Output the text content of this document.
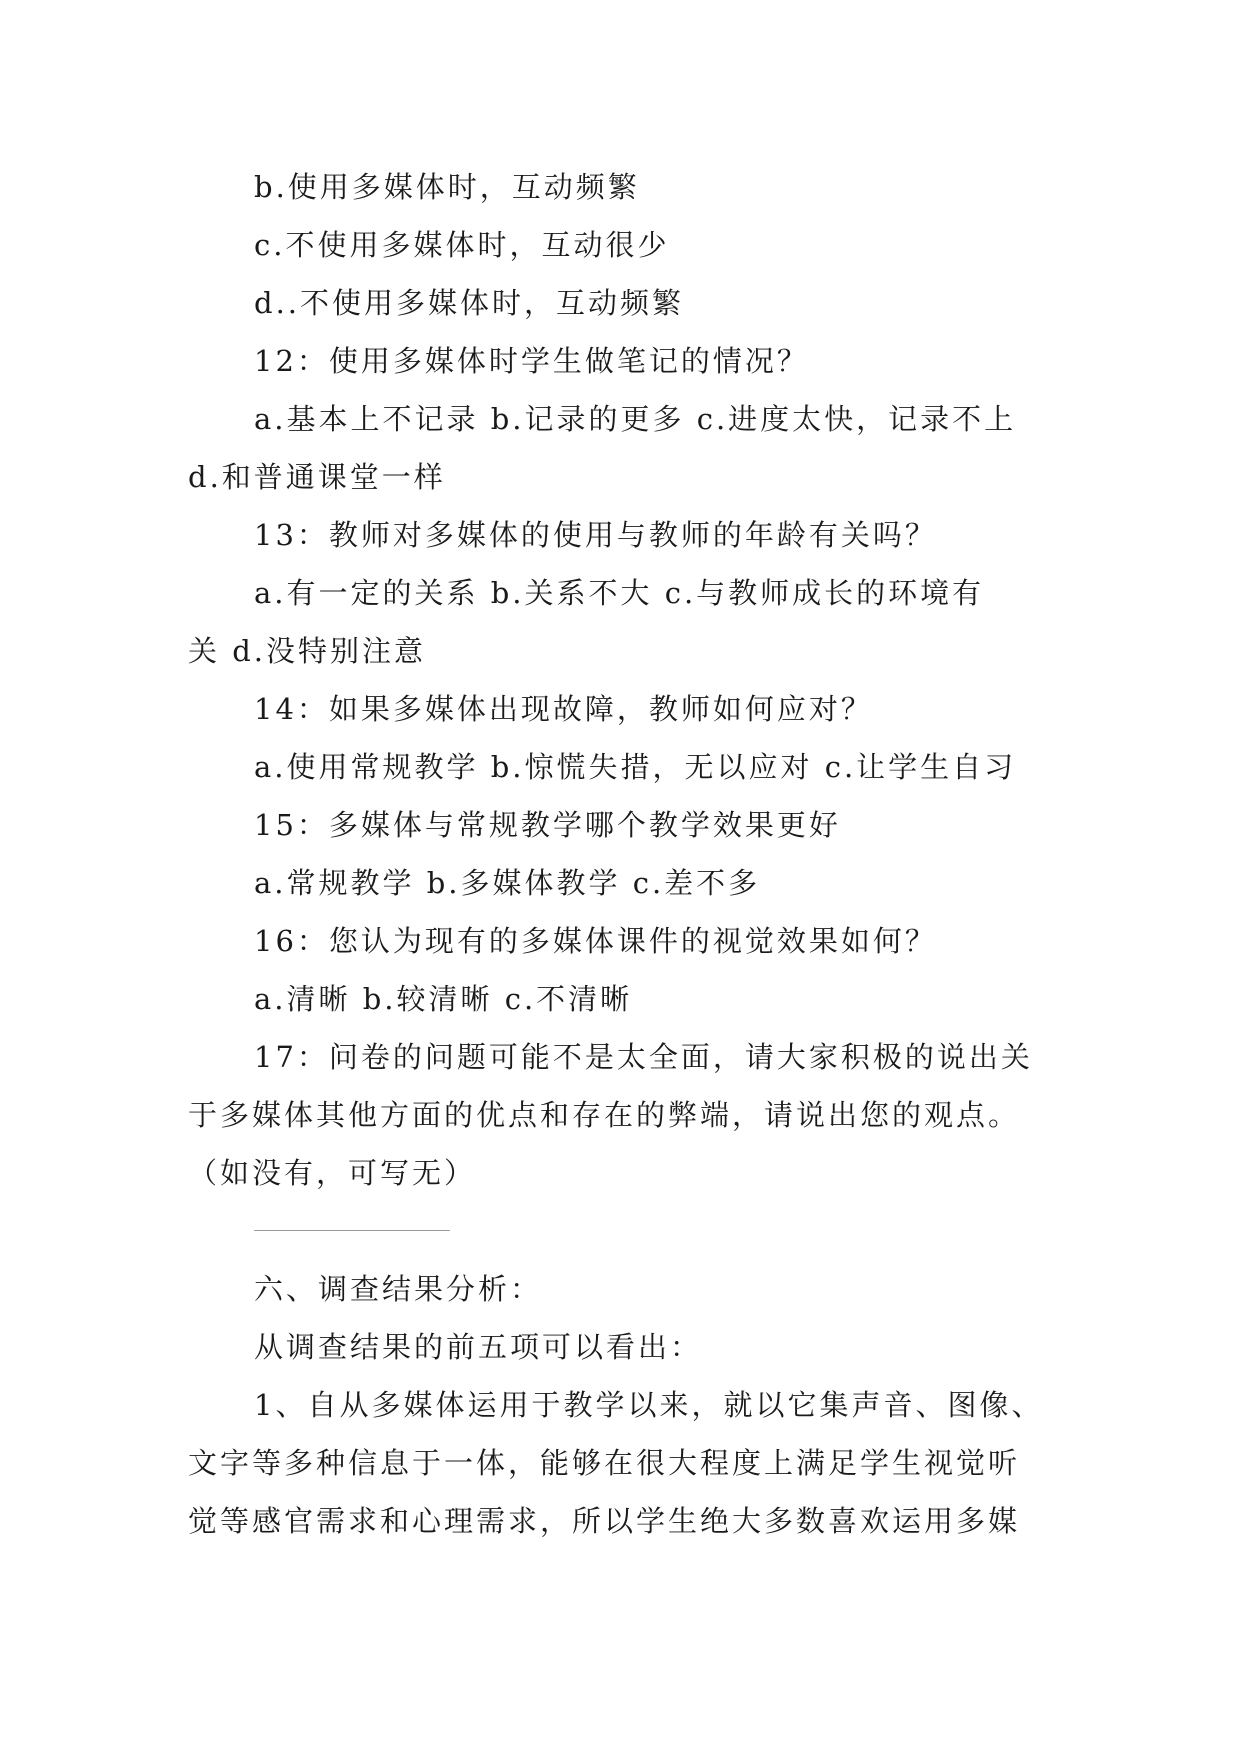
b.使用多媒体时，互动频繁
c.不使用多媒体时，互动很少
d..不使用多媒体时，互动频繁
12：使用多媒体时学生做笔记的情况？
a.基本上不记录 b.记录的更多 c.进度太快，记录不上
d.和普通课堂一样
13：教师对多媒体的使用与教师的年龄有关吗？
a.有一定的关系 b.关系不大 c.与教师成长的环境有
关 d.没特别注意
14：如果多媒体出现故障，教师如何应对？
a.使用常规教学 b.惊慌失措，无以应对 c.让学生自习
15：多媒体与常规教学哪个教学效果更好
a.常规教学 b.多媒体教学 c.差不多
16：您认为现有的多媒体课件的视觉效果如何？
a.清晰 b.较清晰 c.不清晰
17：问卷的问题可能不是太全面，请大家积极的说出关
于多媒体其他方面的优点和存在的弊端，请说出您的观点。
（如没有，可写无）
六、调查结果分析：
从调查结果的前五项可以看出：
1、自从多媒体运用于教学以来，就以它集声音、图像、
文字等多种信息于一体，能够在很大程度上满足学生视觉听
觉等感官需求和心理需求，所以学生绝大多数喜欢运用多媒
